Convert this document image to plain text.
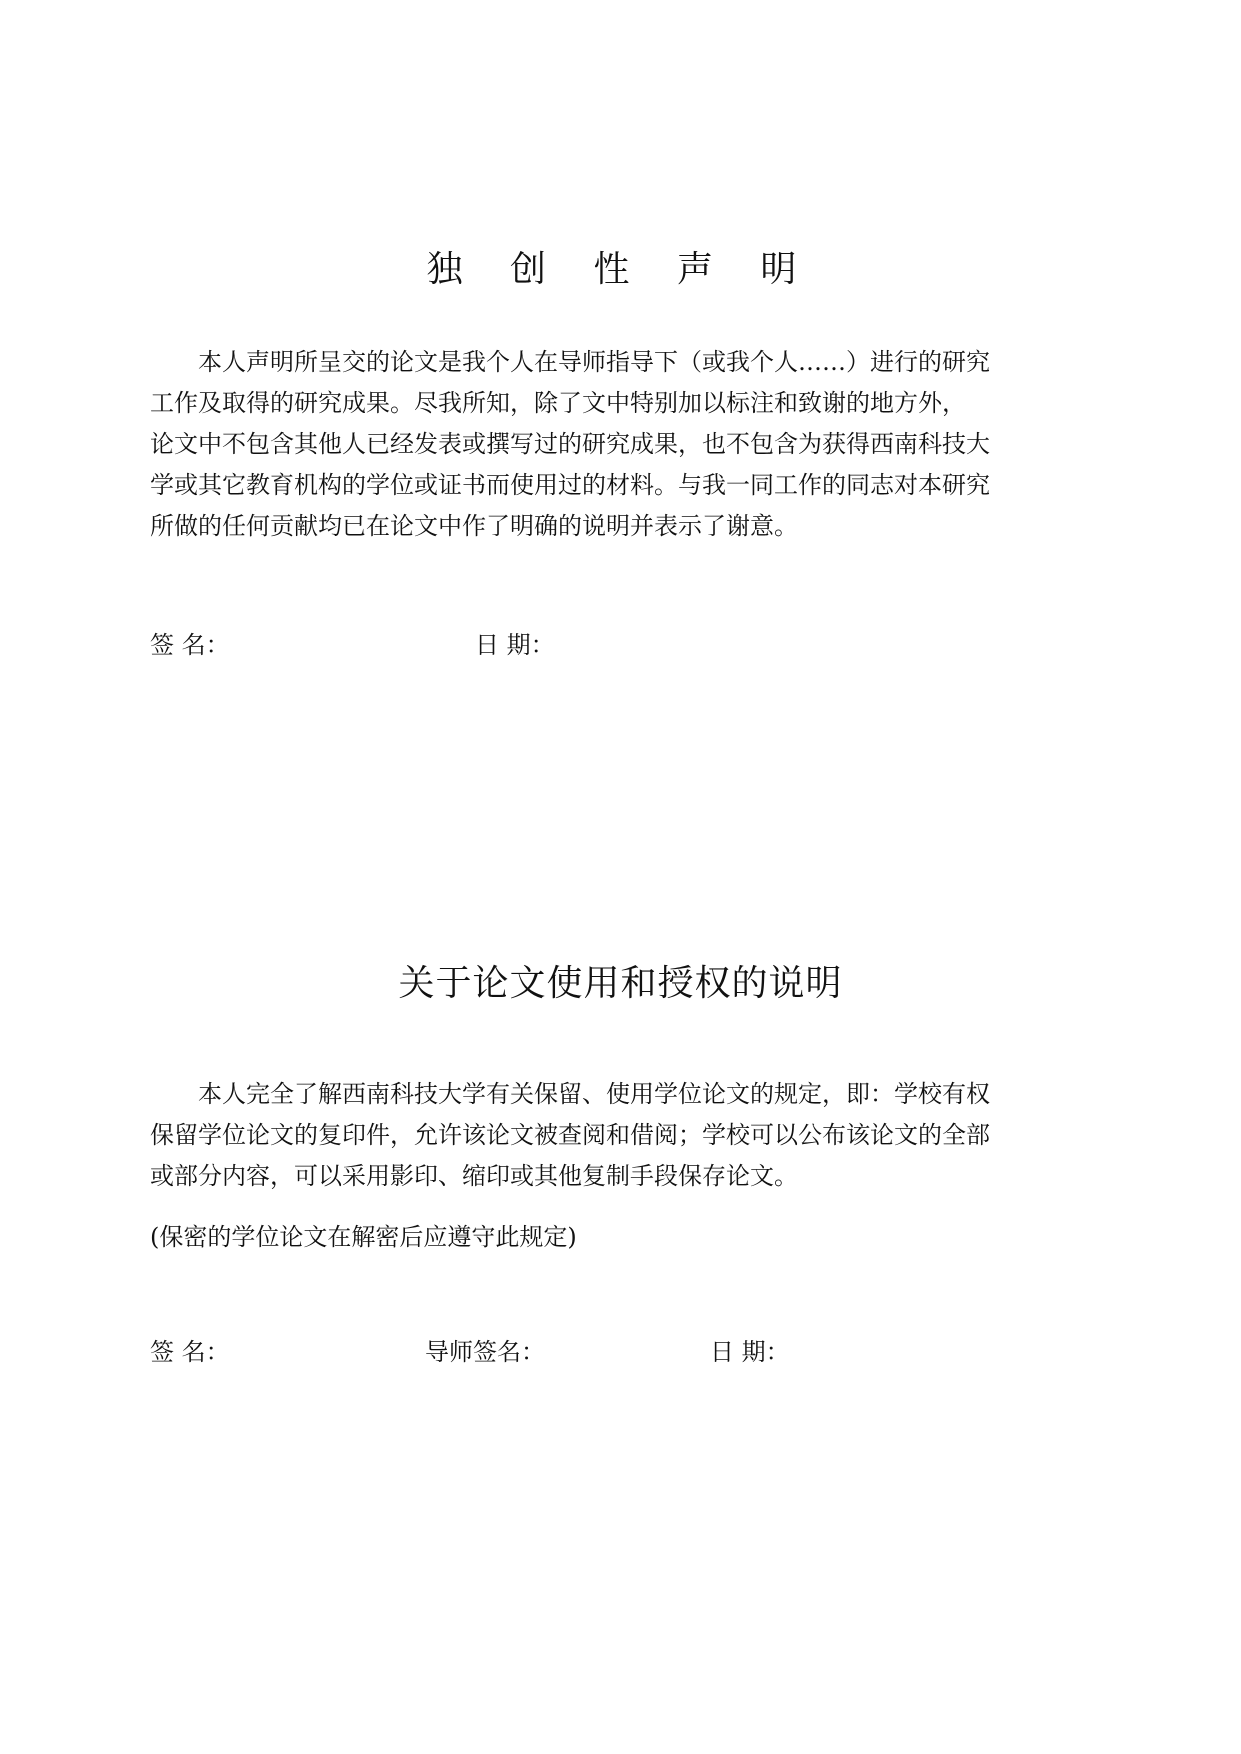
独 创 性 声 明
本人声明所呈交的论文是我个人在导师指导下（或我个人……）进行的研究
工作及取得的研究成果。尽我所知，除了文中特别加以标注和致谢的地方外，
论文中不包含其他人已经发表或撰写过的研究成果，也不包含为获得西南科技大
学或其它教育机构的学位或证书而使用过的材料。与我一同工作的同志对本研究
所做的任何贡献均已在论文中作了明确的说明并表示了谢意。
签 名：	日 期：
关于论文使用和授权的说明
本人完全了解西南科技大学有关保留、使用学位论文的规定，即：学校有权
保留学位论文的复印件，允许该论文被查阅和借阅；学校可以公布该论文的全部
或部分内容，可以采用影印、缩印或其他复制手段保存论文。
(保密的学位论文在解密后应遵守此规定)
签 名：	导师签名：	日 期：
